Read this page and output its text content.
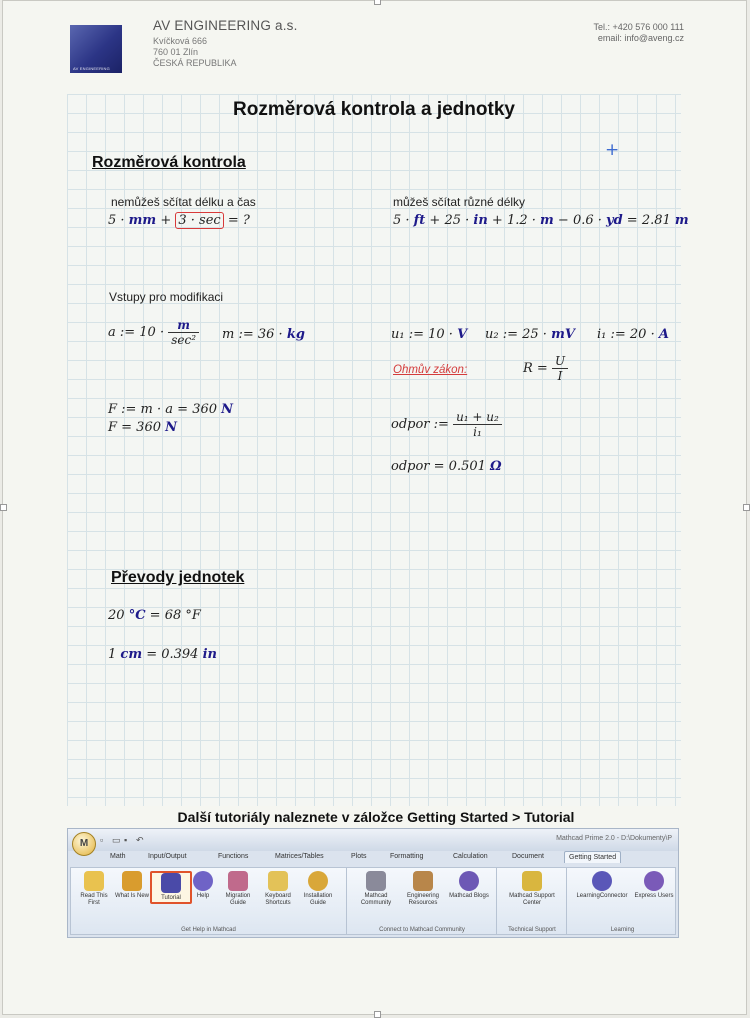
AV ENGINEERING
AV ENGINEERING a.s.
Kvíčková 666
760 01 Zlín
ČESKÁ REPUBLIKA
Tel.: +420 576 000 111
email: info@aveng.cz
Rozměrová kontrola a jednotky
+
Rozměrová kontrola
nemůžeš sčítat délku a čas	můžeš sčítat různé délky
5 · mm + 3 · sec = ?	5 · ft + 25 · in + 1.2 · m − 0.6 · yd = 2.81 m
Vstupy pro modifikaci
a := $10 \cdot \frac{m}{\text{sec²}}$ m := 36 · kg	u₁ := 10 · V u₂ := 25 · mV i₁ := 20 · A
Ohmův zákon:	$R = \frac{U}{I}$
F := m · a = 360 N
F = 360 N	odpor := $\frac{\text{u₁ + u₂}}{\text{i₁}}$
odpor = 0.501 Ω
Převody jednotek
20 °C = 68 °F
1 cm = 0.394 in
Další tutoriály naleznete v záložce Getting Started > Tutorial
M	▫ ▭ ▪ ↶	Mathcad Prime 2.0 - D:\Dokumenty\P
Math	Input/Output	Functions	Matrices/Tables	Plots	Formatting	Calculation	Document	Getting Started
Read This First
What Is New	Tutorial	Help	Migration Guide
Keyboard Shortcuts
Installation Guide
Get Help in Mathcad
Mathcad Community
Engineering Resources
Mathcad Blogs
Connect to Mathcad Community
Mathcad Support Center
Technical Support
LearningConnector	Express Users
Learning
